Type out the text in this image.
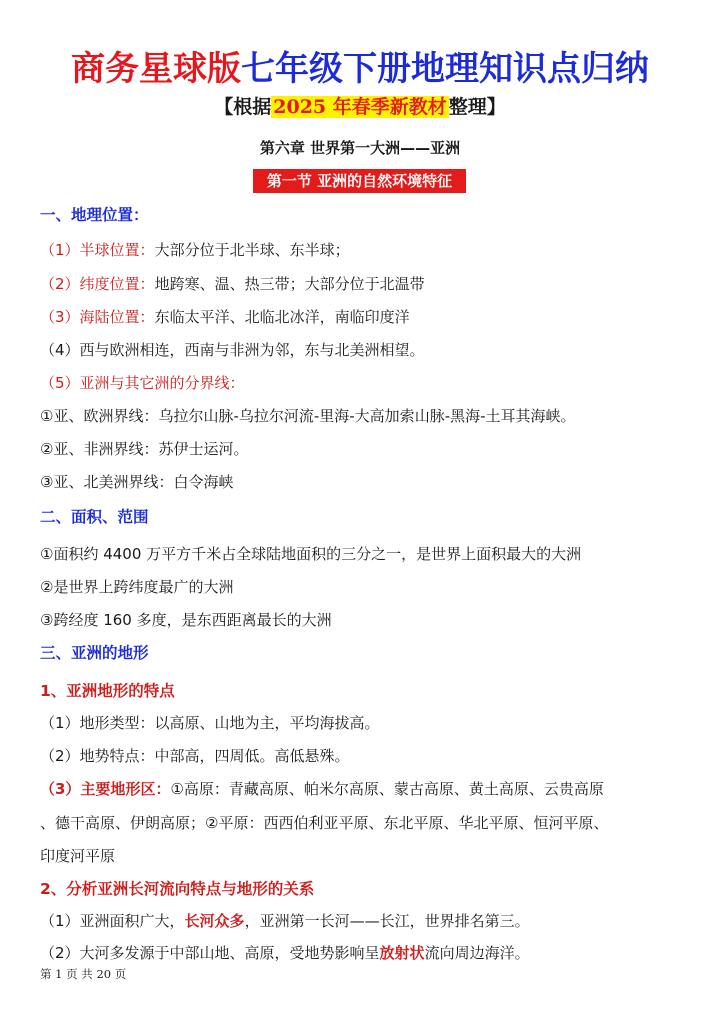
商务星球版七年级下册地理知识点归纳
【根据 2025 年春季新教材 整理】
第六章 世界第一大洲——亚洲
第一节 亚洲的自然环境特征
一、地理位置：
（1）半球位置：大部分位于北半球、东半球；
（2）纬度位置：地跨寒、温、热三带；大部分位于北温带
（3）海陆位置：东临太平洋、北临北冰洋，南临印度洋
（4）西与欧洲相连，西南与非洲为邻，东与北美洲相望。
（5）亚洲与其它洲的分界线：
①亚、欧洲界线：乌拉尔山脉-乌拉尔河流-里海-大高加索山脉-黑海-土耳其海峡。
②亚、非洲界线：苏伊士运河。
③亚、北美洲界线：白令海峡
二、面积、范围
①面积约 4400 万平方千米占全球陆地面积的三分之一，是世界上面积最大的大洲
②是世界上跨纬度最广的大洲
③跨经度 160 多度，是东西距离最长的大洲
三、亚洲的地形
1、亚洲地形的特点
（1）地形类型：以高原、山地为主，平均海拔高。
（2）地势特点：中部高，四周低。高低悬殊。
（3）主要地形区：①高原：青藏高原、帕米尔高原、蒙古高原、黄土高原、云贵高原
、德干高原、伊朗高原；②平原：西西伯利亚平原、东北平原、华北平原、恒河平原、
印度河平原
2、分析亚洲长河流向特点与地形的关系
（1）亚洲面积广大，长河众多，亚洲第一长河——长江，世界排名第三。
（2）大河多发源于中部山地、高原，受地势影响呈放射状流向周边海洋。
第 1 页 共 20 页
